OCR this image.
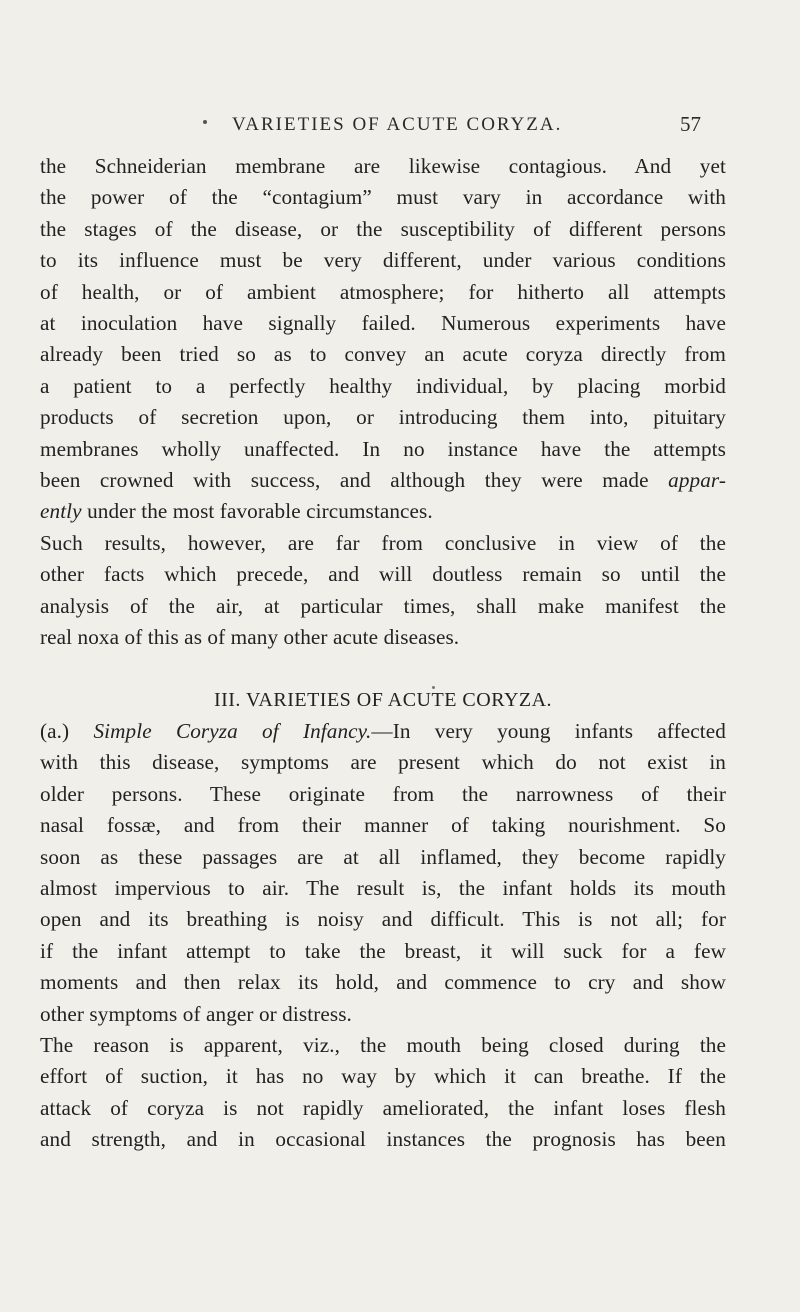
VARIETIES OF ACUTE CORYZA.	57

the Schneiderian membrane are likewise contagious. And yet
the power of the “contagium” must vary in accordance with
the stages of the disease, or the susceptibility of different persons
to its influence must be very different, under various conditions
of health, or of ambient atmosphere; for hitherto all attempts
at inoculation have signally failed. Numerous experiments have
already been tried so as to convey an acute coryza directly from
a patient to a perfectly healthy individual, by placing morbid
products of secretion upon, or introducing them into, pituitary
membranes wholly unaffected. In no instance have the attempts
been crowned with success, and although they were made appar-
ently under the most favorable circumstances.

Such results, however, are far from conclusive in view of the
other facts which precede, and will doutless remain so until the
analysis of the air, at particular times, shall make manifest the
real noxa of this as of many other acute diseases.

III. VARIETIES OF ACUTE CORYZA.

(a.) Simple Coryza of Infancy.—In very young infants affected
with this disease, symptoms are present which do not exist in
older persons. These originate from the narrowness of their
nasal fossæ, and from their manner of taking nourishment. So
soon as these passages are at all inflamed, they become rapidly
almost impervious to air. The result is, the infant holds its mouth
open and its breathing is noisy and difficult. This is not all; for
if the infant attempt to take the breast, it will suck for a few
moments and then relax its hold, and commence to cry and show
other symptoms of anger or distress.

The reason is apparent, viz., the mouth being closed during the
effort of suction, it has no way by which it can breathe. If the
attack of coryza is not rapidly ameliorated, the infant loses flesh
and strength, and in occasional instances the prognosis has been
